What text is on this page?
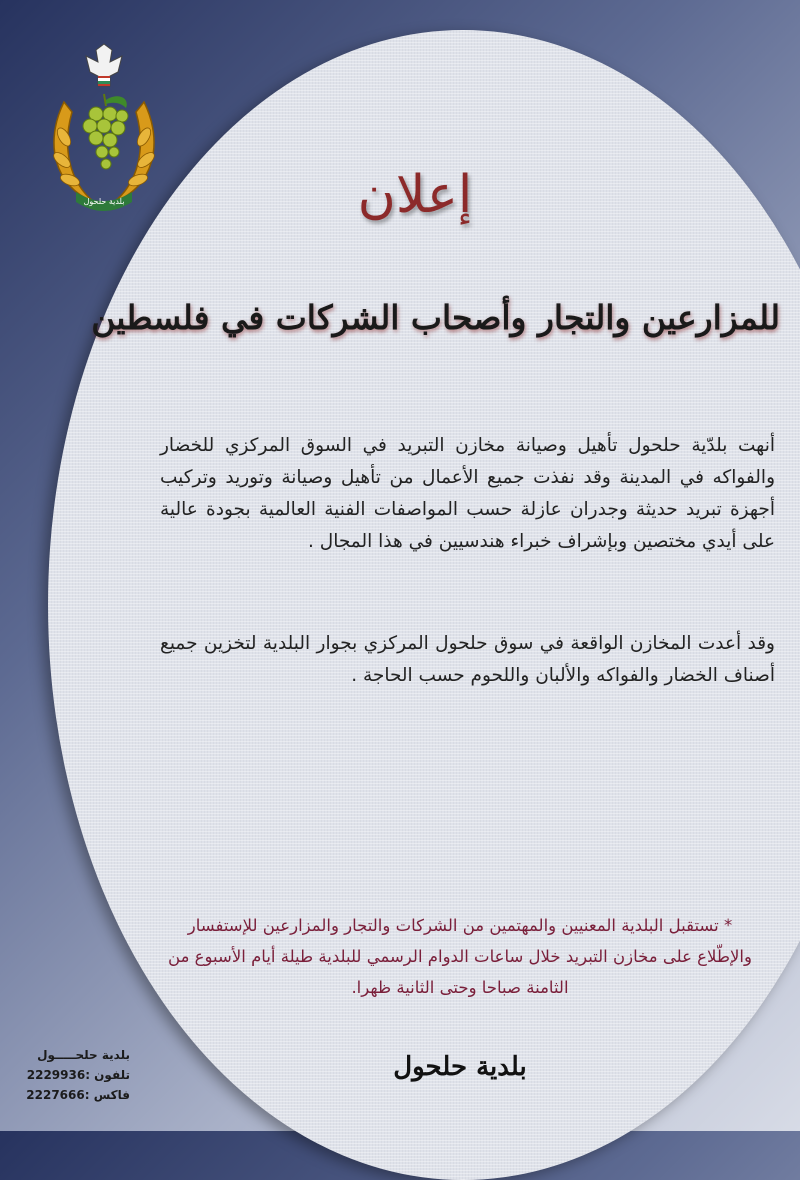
بلدية حلحول	إعلان
للمزارعين والتجار وأصحاب الشركات في فلسطين
أنهت بلدّية حلحول تأهيل وصيانة مخازن التبريد في السوق المركزي للخضار والفواكه في المدينة وقد نفذت جميع الأعمال من تأهيل وصيانة وتوريد وتركيب أجهزة تبريد حديثة وجدران عازلة حسب المواصفات الفنية العالمية بجودة عالية على أيدي مختصين وبإشراف خبراء هندسيين في هذا المجال .
وقد أعدت المخازن الواقعة في سوق حلحول المركزي بجوار البلدية لتخزين جميع أصناف الخضار والفواكه والألبان واللحوم حسب الحاجة .
* تستقبل البلدية المعنيين والمهتمين من الشركات والتجار والمزارعين للإستفسار والإطّلاع على مخازن التبريد خلال ساعات الدوام الرسمي للبلدية طيلة أيام الأسبوع من الثامنة صباحا وحتى الثانية ظهرا.
بلدية حلحول
بلدية حلحـــــول
تلفون :2229936
فاكس :2227666
